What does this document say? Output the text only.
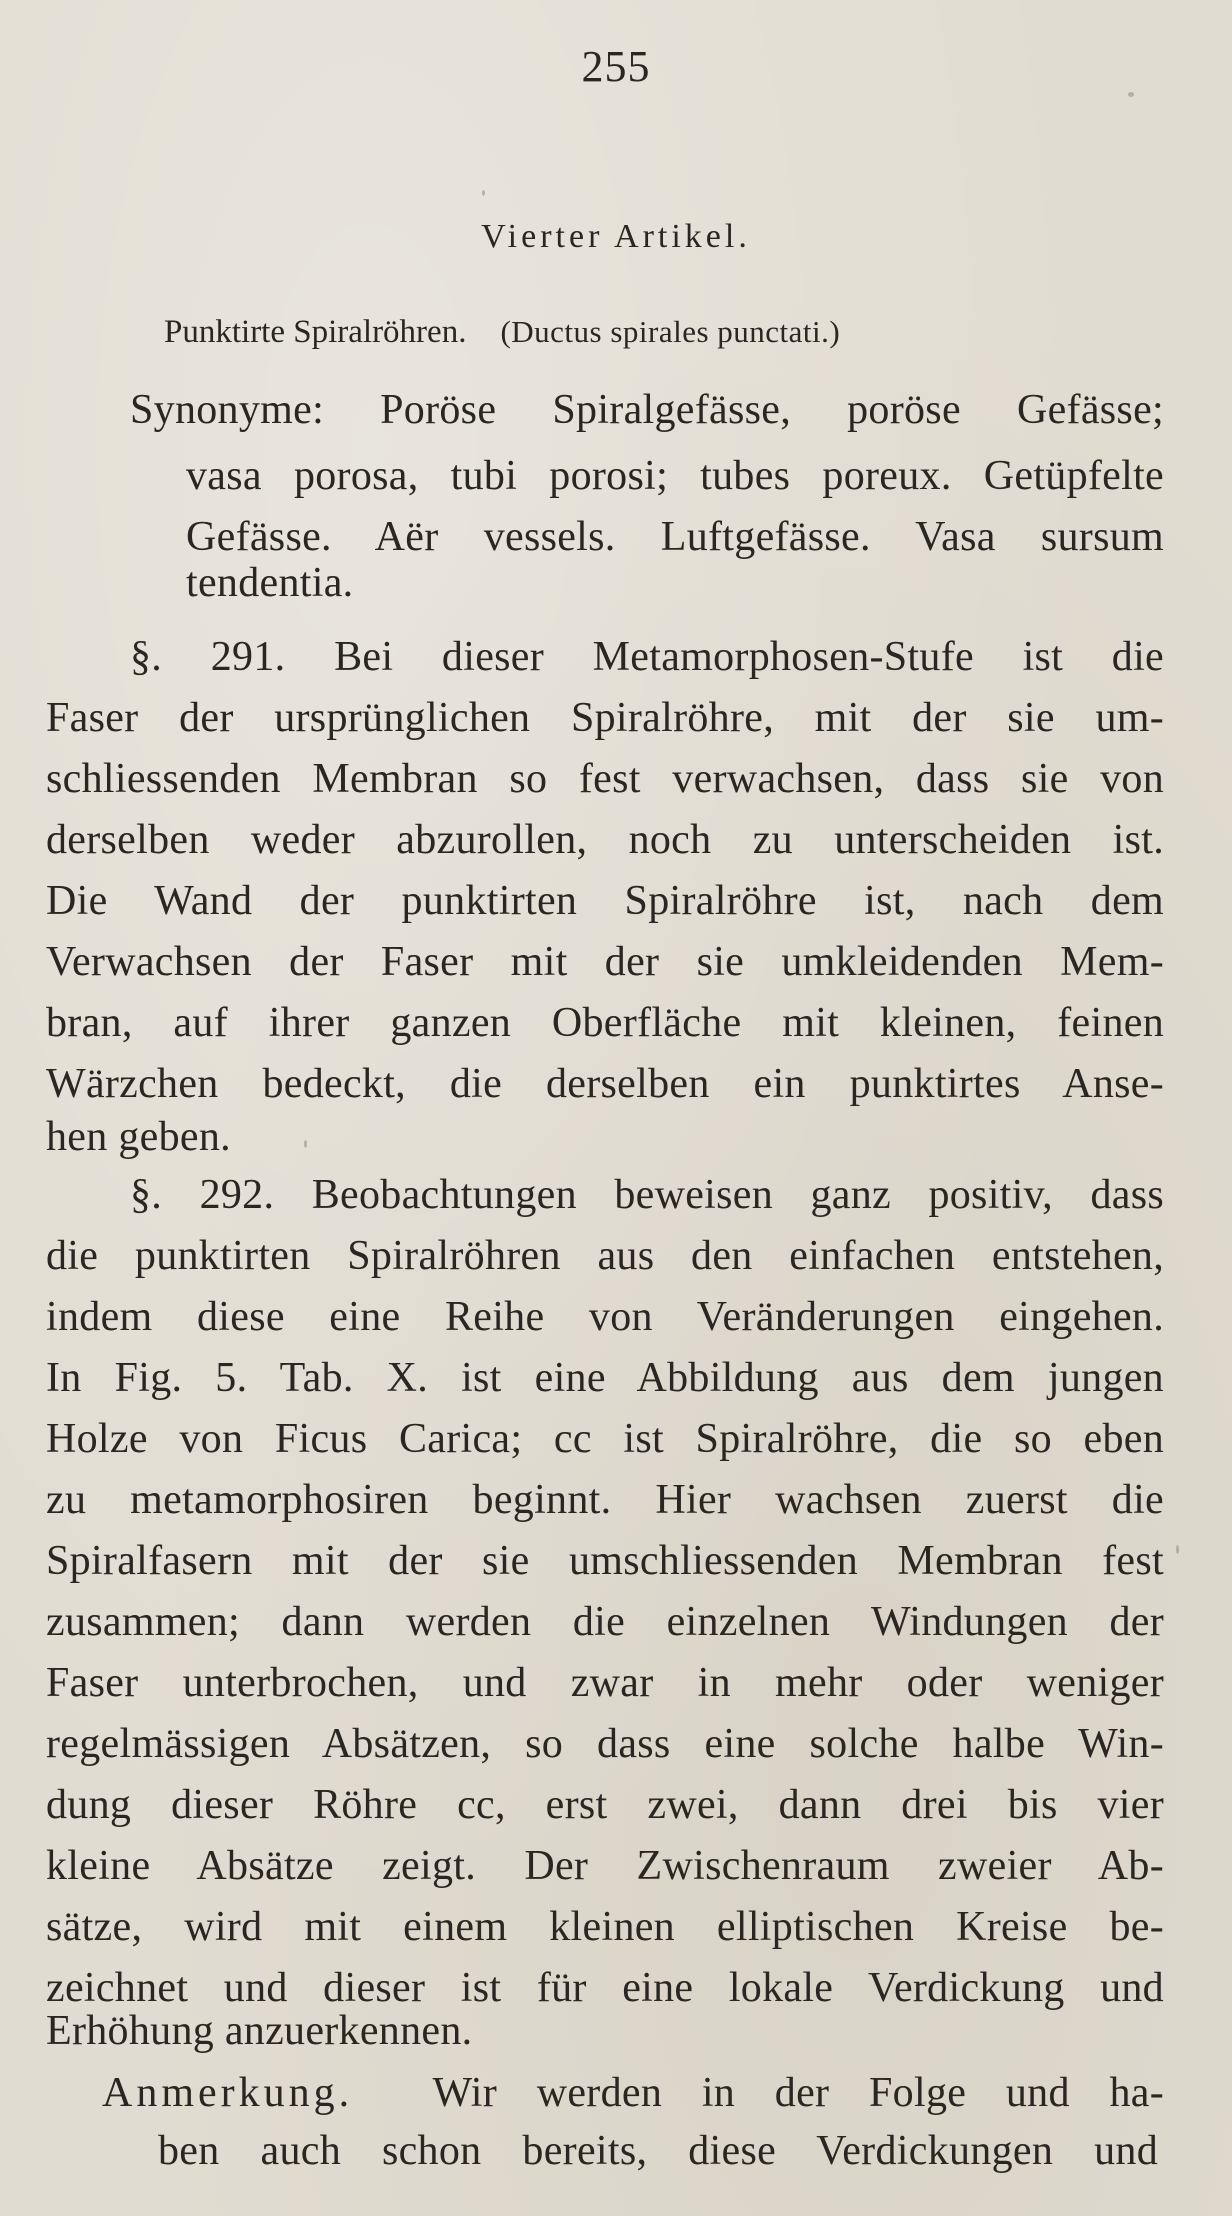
255
Vierter Artikel.
Punktirte Spiralröhren. (Ductus spirales punctati.)
Synonyme: Poröse Spiralgefässe, poröse Gefässe;
vasa porosa, tubi porosi; tubes poreux. Getüpfelte
Gefässe. Aër vessels. Luftgefässe. Vasa sursum
tendentia.
§. 291. Bei dieser Metamorphosen-Stufe ist die
Faser der ursprünglichen Spiralröhre, mit der sie um-
schliessenden Membran so fest verwachsen, dass sie von
derselben weder abzurollen, noch zu unterscheiden ist.
Die Wand der punktirten Spiralröhre ist, nach dem
Verwachsen der Faser mit der sie umkleidenden Mem-
bran, auf ihrer ganzen Oberfläche mit kleinen, feinen
Wärzchen bedeckt, die derselben ein punktirtes Anse-
hen geben.
§. 292. Beobachtungen beweisen ganz positiv, dass
die punktirten Spiralröhren aus den einfachen entstehen,
indem diese eine Reihe von Veränderungen eingehen.
In Fig. 5. Tab. X. ist eine Abbildung aus dem jungen
Holze von Ficus Carica; cc ist Spiralröhre, die so eben
zu metamorphosiren beginnt. Hier wachsen zuerst die
Spiralfasern mit der sie umschliessenden Membran fest
zusammen; dann werden die einzelnen Windungen der
Faser unterbrochen, und zwar in mehr oder weniger
regelmässigen Absätzen, so dass eine solche halbe Win-
dung dieser Röhre cc, erst zwei, dann drei bis vier
kleine Absätze zeigt. Der Zwischenraum zweier Ab-
sätze, wird mit einem kleinen elliptischen Kreise be-
zeichnet und dieser ist für eine lokale Verdickung und
Erhöhung anzuerkennen.
Anmerkung. Wir werden in der Folge und ha-
ben auch schon bereits, diese Verdickungen und
